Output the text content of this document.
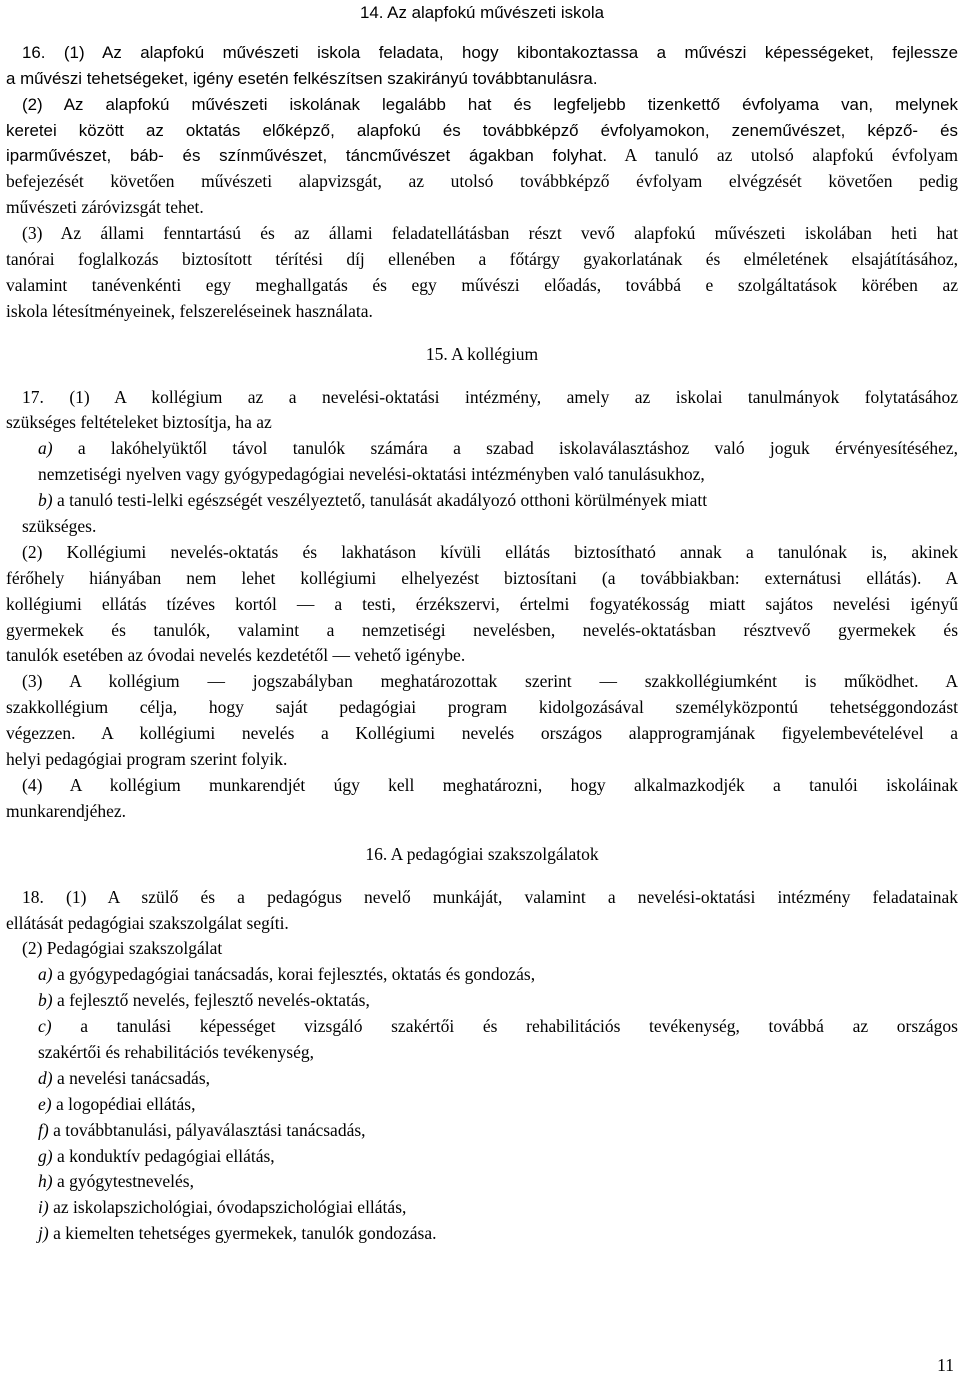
14. Az alapfokú művészeti iskola
16. (1) Az alapfokú művészeti iskola feladata, hogy kibontakoztassa a művészi képességeket, fejlessze
a művészi tehetségeket, igény esetén felkészítsen szakirányú továbbtanulásra.
(2) Az alapfokú művészeti iskolának legalább hat és legfeljebb tizenkettő évfolyama van, melynek
keretei között az oktatás előképző, alapfokú és továbbképző évfolyamokon, zeneművészet, képző- és
iparművészet, báb- és színművészet, táncművészet ágakban folyhat. A tanuló az utolsó alapfokú évfolyam
befejezését követően művészeti alapvizsgát, az utolsó továbbképző évfolyam elvégzését követően pedig
művészeti záróvizsgát tehet.
(3) Az állami fenntartású és az állami feladatellátásban részt vevő alapfokú művészeti iskolában heti hat
tanórai foglalkozás biztosított térítési díj ellenében a főtárgy gyakorlatának és elméletének elsajátításához,
valamint tanévenkénti egy meghallgatás és egy művészi előadás, továbbá e szolgáltatások körében az
iskola létesítményeinek, felszereléseinek használata.
15. A kollégium
17. (1) A kollégium az a nevelési-oktatási intézmény, amely az iskolai tanulmányok folytatásához
szükséges feltételeket biztosítja, ha az
a) a lakóhelyüktől távol tanulók számára a szabad iskolaválasztáshoz való joguk érvényesítéséhez,
nemzetiségi nyelven vagy gyógypedagógiai nevelési-oktatási intézményben való tanulásukhoz,
b) a tanuló testi-lelki egészségét veszélyeztető, tanulását akadályozó otthoni körülmények miatt
szükséges.
(2) Kollégiumi nevelés-oktatás és lakhatáson kívüli ellátás biztosítható annak a tanulónak is, akinek
férőhely hiányában nem lehet kollégiumi elhelyezést biztosítani (a továbbiakban: externátusi ellátás). A
kollégiumi ellátás tízéves kortól — a testi, érzékszervi, értelmi fogyatékosság miatt sajátos nevelési igényű
gyermekek és tanulók, valamint a nemzetiségi nevelésben, nevelés-oktatásban résztvevő gyermekek és
tanulók esetében az óvodai nevelés kezdetétől — vehető igénybe.
(3) A kollégium — jogszabályban meghatározottak szerint — szakkollégiumként is működhet. A
szakkollégium célja, hogy saját pedagógiai program kidolgozásával személyközpontú tehetséggondozást
végezzen. A kollégiumi nevelés a Kollégiumi nevelés országos alapprogramjának figyelembevételével a
helyi pedagógiai program szerint folyik.
(4) A kollégium munkarendjét úgy kell meghatározni, hogy alkalmazkodjék a tanulói iskoláinak
munkarendjéhez.
16. A pedagógiai szakszolgálatok
18. (1) A szülő és a pedagógus nevelő munkáját, valamint a nevelési-oktatási intézmény feladatainak
ellátását pedagógiai szakszolgálat segíti.
(2) Pedagógiai szakszolgálat
a) a gyógypedagógiai tanácsadás, korai fejlesztés, oktatás és gondozás,
b) a fejlesztő nevelés, fejlesztő nevelés-oktatás,
c) a tanulási képességet vizsgáló szakértői és rehabilitációs tevékenység, továbbá az országos
szakértői és rehabilitációs tevékenység,
d) a nevelési tanácsadás,
e) a logopédiai ellátás,
f) a továbbtanulási, pályaválasztási tanácsadás,
g) a konduktív pedagógiai ellátás,
h) a gyógytestnevelés,
i) az iskolapszichológiai, óvodapszichológiai ellátás,
j) a kiemelten tehetséges gyermekek, tanulók gondozása.
11
